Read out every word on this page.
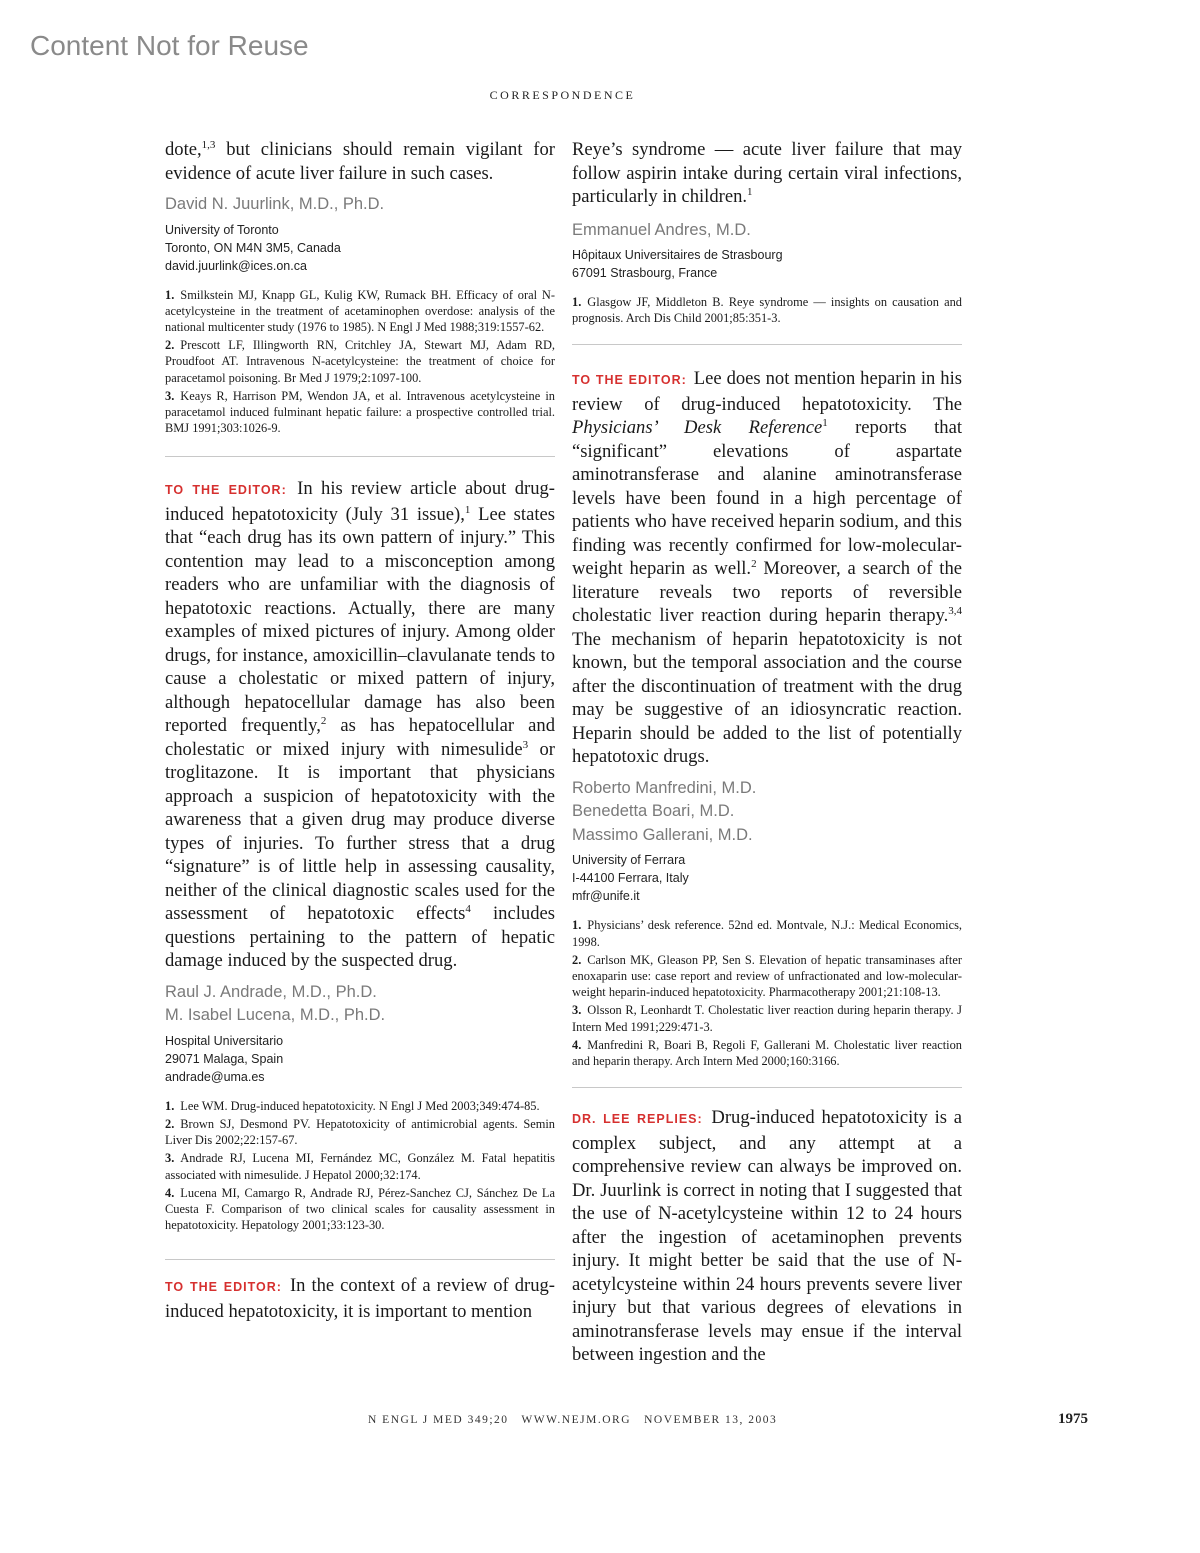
Content Not for Reuse
CORRESPONDENCE

dote,$^{1,3}$ but clinicians should remain vigilant for evidence of acute liver failure in such cases.

David N. Juurlink, M.D., Ph.D.

University of Toronto
Toronto, ON M4N 3M5, Canada
david.juurlink@ices.on.ca

1. Smilkstein MJ, Knapp GL, Kulig KW, Rumack BH. Efficacy of oral N-acetylcysteine in the treatment of acetaminophen overdose: analysis of the national multicenter study (1976 to 1985). N Engl J Med 1988;319:1557-62.

2. Prescott LF, Illingworth RN, Critchley JA, Stewart MJ, Adam RD, Proudfoot AT. Intravenous N-acetylcysteine: the treatment of choice for paracetamol poisoning. Br Med J 1979;2:1097-100.

3. Keays R, Harrison PM, Wendon JA, et al. Intravenous acetylcysteine in paracetamol induced fulminant hepatic failure: a prospective controlled trial. BMJ 1991;303:1026-9.

TO THE EDITOR: In his review article about drug-induced hepatotoxicity (July 31 issue),$^1$ Lee states that “each drug has its own pattern of injury.” This contention may lead to a misconception among readers who are unfamiliar with the diagnosis of hepatotoxic reactions. Actually, there are many examples of mixed pictures of injury. Among older drugs, for instance, amoxicillin–clavulanate tends to cause a cholestatic or mixed pattern of injury, although hepatocellular damage has also been reported frequently,$^2$ as has hepatocellular and cholestatic or mixed injury with nimesulide$^3$ or troglitazone. It is important that physicians approach a suspicion of hepatotoxicity with the awareness that a given drug may produce diverse types of injuries. To further stress that a drug “signature” is of little help in assessing causality, neither of the clinical diagnostic scales used for the assessment of hepatotoxic effects$^4$ includes questions pertaining to the pattern of hepatic damage induced by the suspected drug.

Raul J. Andrade, M.D., Ph.D.

M. Isabel Lucena, M.D., Ph.D.

Hospital Universitario
29071 Malaga, Spain
andrade@uma.es

1. Lee WM. Drug-induced hepatotoxicity. N Engl J Med 2003;349:474-85.

2. Brown SJ, Desmond PV. Hepatotoxicity of antimicrobial agents. Semin Liver Dis 2002;22:157-67.

3. Andrade RJ, Lucena MI, Fernández MC, González M. Fatal hepatitis associated with nimesulide. J Hepatol 2000;32:174.

4. Lucena MI, Camargo R, Andrade RJ, Pérez-Sanchez CJ, Sánchez De La Cuesta F. Comparison of two clinical scales for causality assessment in hepatotoxicity. Hepatology 2001;33:123-30.

TO THE EDITOR: In the context of a review of drug-induced hepatotoxicity, it is important to mention

Reye’s syndrome — acute liver failure that may follow aspirin intake during certain viral infections, particularly in children.$^1$

Emmanuel Andres, M.D.

Hôpitaux Universitaires de Strasbourg
67091 Strasbourg, France

1. Glasgow JF, Middleton B. Reye syndrome — insights on causation and prognosis. Arch Dis Child 2001;85:351-3.

TO THE EDITOR: Lee does not mention heparin in his review of drug-induced hepatotoxicity. The Physicians’ Desk Reference$^1$ reports that “significant” elevations of aspartate aminotransferase and alanine aminotransferase levels have been found in a high percentage of patients who have received heparin sodium, and this finding was recently confirmed for low-molecular-weight heparin as well.$^2$ Moreover, a search of the literature reveals two reports of reversible cholestatic liver reaction during heparin therapy.$^{3,4}$ The mechanism of heparin hepatotoxicity is not known, but the temporal association and the course after the discontinuation of treatment with the drug may be suggestive of an idiosyncratic reaction. Heparin should be added to the list of potentially hepatotoxic drugs.

Roberto Manfredini, M.D.

Benedetta Boari, M.D.

Massimo Gallerani, M.D.

University of Ferrara
I-44100 Ferrara, Italy
mfr@unife.it

1. Physicians’ desk reference. 52nd ed. Montvale, N.J.: Medical Economics, 1998.

2. Carlson MK, Gleason PP, Sen S. Elevation of hepatic transaminases after enoxaparin use: case report and review of unfractionated and low-molecular-weight heparin-induced hepatotoxicity. Pharmacotherapy 2001;21:108-13.

3. Olsson R, Leonhardt T. Cholestatic liver reaction during heparin therapy. J Intern Med 1991;229:471-3.

4. Manfredini R, Boari B, Regoli F, Gallerani M. Cholestatic liver reaction and heparin therapy. Arch Intern Med 2000;160:3166.

DR. LEE REPLIES: Drug-induced hepatotoxicity is a complex subject, and any attempt at a comprehensive review can always be improved on. Dr. Juurlink is correct in noting that I suggested that the use of N-acetylcysteine within 12 to 24 hours after the ingestion of acetaminophen prevents injury. It might better be said that the use of N-acetylcysteine within 24 hours prevents severe liver injury but that various degrees of elevations in aminotransferase levels may ensue if the interval between ingestion and the

N ENGL J MED 349;20   WWW.NEJM.ORG   NOVEMBER 13, 2003	1975
